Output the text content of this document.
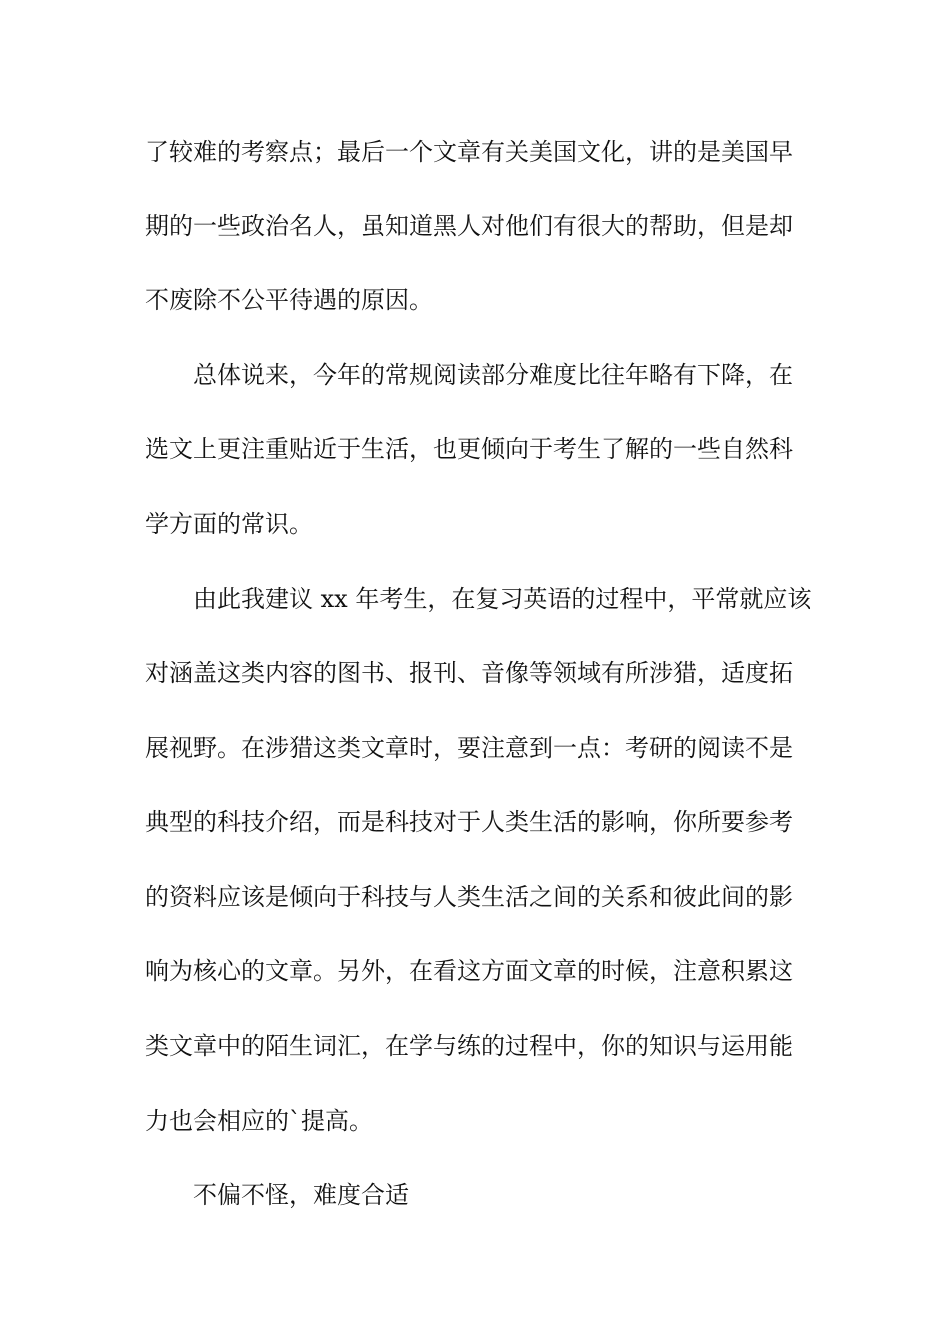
了较难的考察点；最后一个文章有关美国文化，讲的是美国早
期的一些政治名人，虽知道黑人对他们有很大的帮助，但是却
不废除不公平待遇的原因。
总体说来，今年的常规阅读部分难度比往年略有下降，在
选文上更注重贴近于生活，也更倾向于考生了解的一些自然科
学方面的常识。
由此我建议 xx 年考生，在复习英语的过程中，平常就应该
对涵盖这类内容的图书、报刊、音像等领域有所涉猎，适度拓
展视野。在涉猎这类文章时，要注意到一点：考研的阅读不是
典型的科技介绍，而是科技对于人类生活的影响，你所要参考
的资料应该是倾向于科技与人类生活之间的关系和彼此间的影
响为核心的文章。另外，在看这方面文章的时候，注意积累这
类文章中的陌生词汇，在学与练的过程中，你的知识与运用能
力也会相应的`提高。
不偏不怪，难度合适
